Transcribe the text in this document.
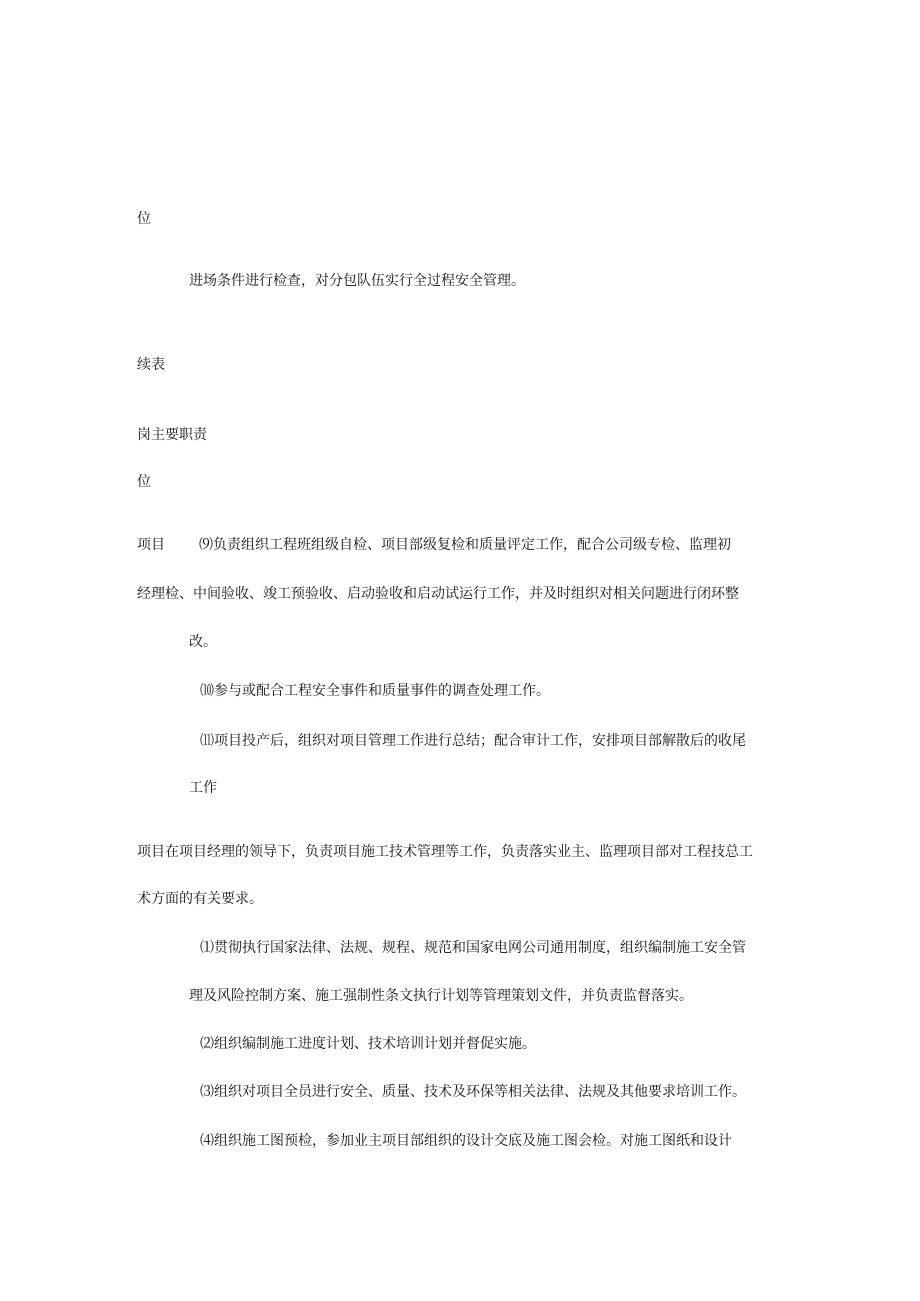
位

进场条件进行检查，对分包队伍实行全过程安全管理。

续表

岗主要职责

位

项目 ⑼负责组织工程班组级自检、项目部级复检和质量评定工作，配合公司级专检、监理初

经理检、中间验收、竣工预验收、启动验收和启动试运行工作，并及时组织对相关问题进行闭环整

改。

⑽参与或配合工程安全事件和质量事件的调查处理工作。

⑾项目投产后，组织对项目管理工作进行总结；配合审计工作，安排项目部解散后的收尾

工作

项目在项目经理的领导下，负责项目施工技术管理等工作，负责落实业主、监理项目部对工程技总工

术方面的有关要求。

⑴贯彻执行国家法律、法规、规程、规范和国家电网公司通用制度，组织编制施工安全管

理及风险控制方案、施工强制性条文执行计划等管理策划文件，并负责监督落实。

⑵组织编制施工进度计划、技术培训计划并督促实施。

⑶组织对项目全员进行安全、质量、技术及环保等相关法律、法规及其他要求培训工作。

⑷组织施工图预检，参加业主项目部组织的设计交底及施工图会检。对施工图纸和设计
